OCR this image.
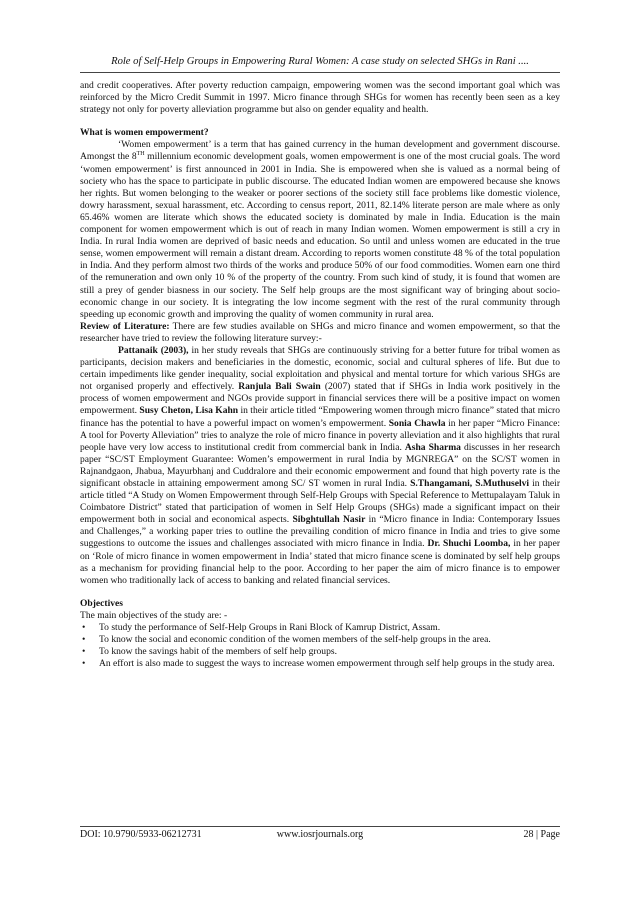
Role of Self-Help Groups in Empowering Rural Women: A case study on selected SHGs in Rani ....

and credit cooperatives. After poverty reduction campaign, empowering women was the second important goal which was reinforced by the Micro Credit Summit in 1997. Micro finance through SHGs for women has recently been seen as a key strategy not only for poverty alleviation programme but also on gender equality and health.

What is women empowerment?

‘Women empowerment’ is a term that has gained currency in the human development and government discourse. Amongst the 8TH millennium economic development goals, women empowerment is one of the most crucial goals. The word ‘women empowerment’ is first announced in 2001 in India. She is empowered when she is valued as a normal being of society who has the space to participate in public discourse. The educated Indian women are empowered because she knows her rights. But women belonging to the weaker or poorer sections of the society still face problems like domestic violence, dowry harassment, sexual harassment, etc. According to census report, 2011, 82.14% literate person are male where as only 65.46% women are literate which shows the educated society is dominated by male in India. Education is the main component for women empowerment which is out of reach in many Indian women. Women empowerment is still a cry in India. In rural India women are deprived of basic needs and education. So until and unless women are educated in the true sense, women empowerment will remain a distant dream. According to reports women constitute 48 % of the total population in India. And they perform almost two thirds of the works and produce 50% of our food commodities. Women earn one third of the remuneration and own only 10 % of the property of the country. From such kind of study, it is found that women are still a prey of gender biasness in our society. The Self help groups are the most significant way of bringing about socio-economic change in our society. It is integrating the low income segment with the rest of the rural community through speeding up economic growth and improving the quality of women community in rural area.

Review of Literature: There are few studies available on SHGs and micro finance and women empowerment, so that the researcher have tried to review the following literature survey:-

Pattanaik (2003), in her study reveals that SHGs are continuously striving for a better future for tribal women as participants, decision makers and beneficiaries in the domestic, economic, social and cultural spheres of life. But due to certain impediments like gender inequality, social exploitation and physical and mental torture for which various SHGs are not organised properly and effectively. Ranjula Bali Swain (2007) stated that if SHGs in India work positively in the process of women empowerment and NGOs provide support in financial services there will be a positive impact on women empowerment. Susy Cheton, Lisa Kahn in their article titled “Empowering women through micro finance” stated that micro finance has the potential to have a powerful impact on women’s empowerment. Sonia Chawla in her paper “Micro Finance: A tool for Poverty Alleviation” tries to analyze the role of micro finance in poverty alleviation and it also highlights that rural people have very low access to institutional credit from commercial bank in India. Asha Sharma discusses in her research paper “SC/ST Employment Guarantee: Women’s empowerment in rural India by MGNREGA” on the SC/ST women in Rajnandgaon, Jhabua, Mayurbhanj and Cuddralore and their economic empowerment and found that high poverty rate is the significant obstacle in attaining empowerment among SC/ ST women in rural India. S.Thangamani, S.Muthuselvi in their article titled “A Study on Women Empowerment through Self-Help Groups with Special Reference to Mettupalayam Taluk in Coimbatore District” stated that participation of women in Self Help Groups (SHGs) made a significant impact on their empowerment both in social and economical aspects. Sibghtullah Nasir in “Micro finance in India: Contemporary Issues and Challenges,” a working paper tries to outline the prevailing condition of micro finance in India and tries to give some suggestions to outcome the issues and challenges associated with micro finance in India. Dr. Shuchi Loomba, in her paper on ‘Role of micro finance in women empowerment in India’ stated that micro finance scene is dominated by self help groups as a mechanism for providing financial help to the poor. According to her paper the aim of micro finance is to empower women who traditionally lack of access to banking and related financial services.

Objectives

The main objectives of the study are: -

• To study the performance of Self-Help Groups in Rani Block of Kamrup District, Assam.
• To know the social and economic condition of the women members of the self-help groups in the area.
• To know the savings habit of the members of self help groups.
• An effort is also made to suggest the ways to increase women empowerment through self help groups in the study area.
DOI: 10.9790/5933-06212731	www.iosrjournals.org	28 | Page
